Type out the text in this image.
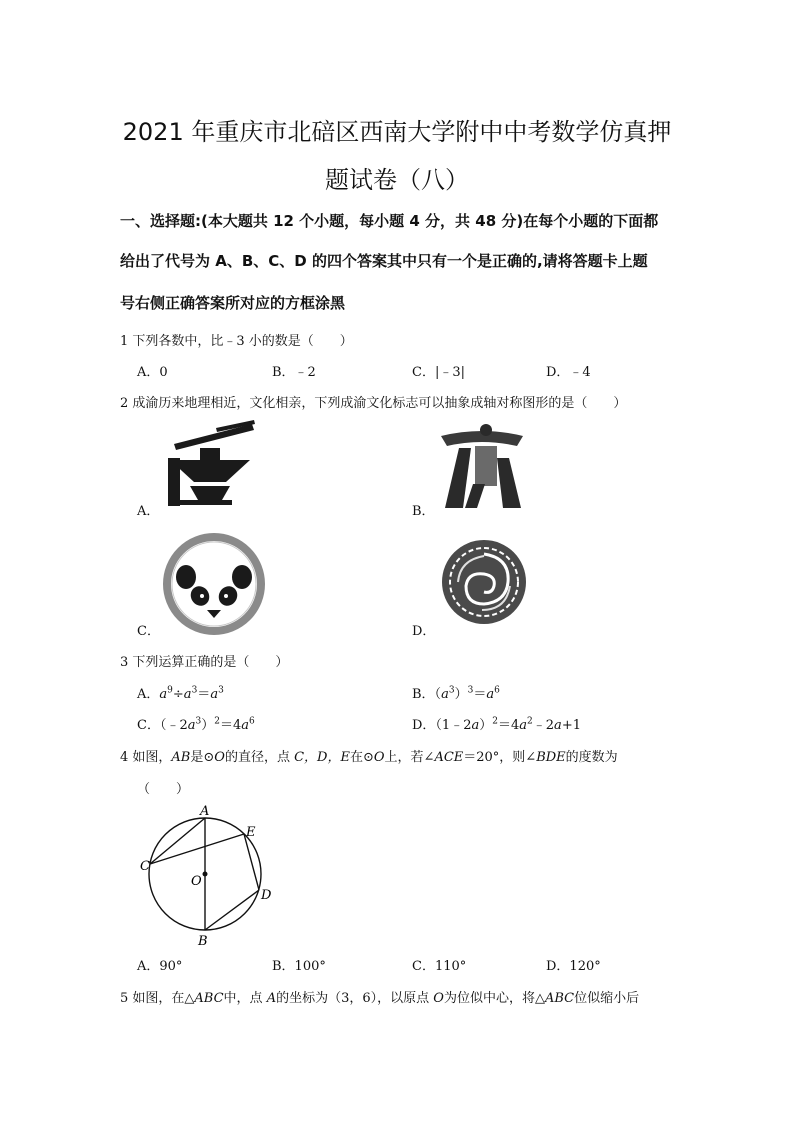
2021 年重庆市北碚区西南大学附中中考数学仿真押
题试卷（八）
一、选择题:(本大题共 12 个小题，每小题 4 分，共 48 分)在每个小题的下面都
给出了代号为 A、B、C、D 的四个答案其中只有一个是正确的,请将答题卡上题
号右侧正确答案所对应的方框涂黑
1 下列各数中，比﹣3 小的数是（　　）
A．0	B．﹣2	C．|﹣3|	D．﹣4
2 成渝历来地理相近，文化相亲，下列成渝文化标志可以抽象成轴对称图形的是（　　）
A．	B．
C．	D．
3 下列运算正确的是（　　）
A．$a^9\div a^3=a^3$	B．$(a^3)^3=a^6$
C．$(﹣2a^3)^2=4a^6$	D．$(1﹣2a)^2=4a^2﹣2a+1$
4 如图，AB是⊙O的直径，点 C，D，E在⊙O上，若∠ACE＝20°，则∠BDE的度数为
（　　）
A
B
C
D
E
O
A．90°	B．100°	C．110°	D．120°
5 如图，在△ABC中，点 A的坐标为（3，6），以原点 O为位似中心，将△ABC位似缩小后
